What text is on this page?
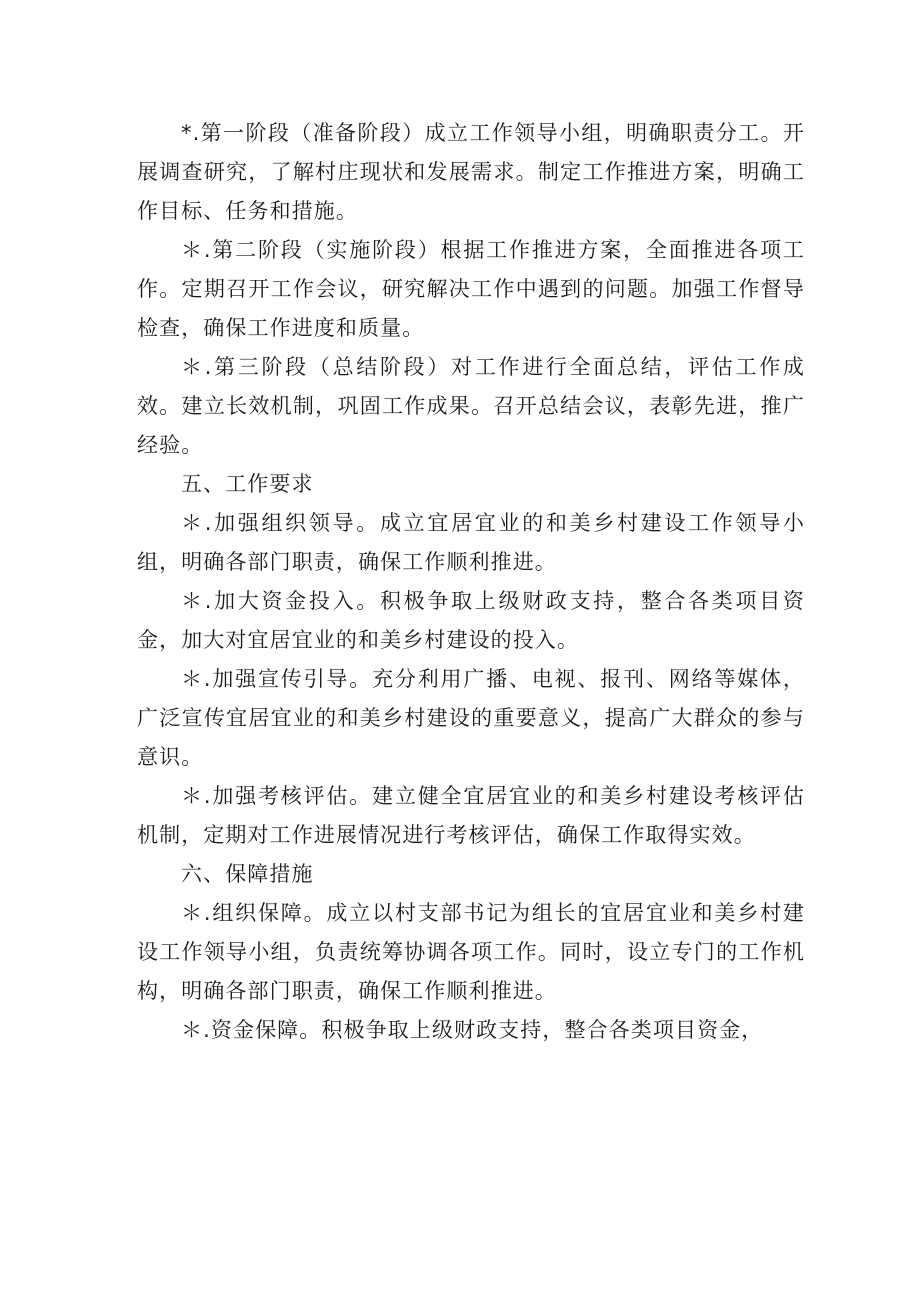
*.第一阶段（准备阶段）成立工作领导小组，明确职责分工。开展调查研究，了解村庄现状和发展需求。制定工作推进方案，明确工作目标、任务和措施。

＊.第二阶段（实施阶段）根据工作推进方案，全面推进各项工作。定期召开工作会议，研究解决工作中遇到的问题。加强工作督导检查，确保工作进度和质量。

＊.第三阶段（总结阶段）对工作进行全面总结，评估工作成效。建立长效机制，巩固工作成果。召开总结会议，表彰先进，推广经验。

五、工作要求

＊.加强组织领导。成立宜居宜业的和美乡村建设工作领导小组，明确各部门职责，确保工作顺利推进。

＊.加大资金投入。积极争取上级财政支持，整合各类项目资金，加大对宜居宜业的和美乡村建设的投入。

＊.加强宣传引导。充分利用广播、电视、报刊、网络等媒体，广泛宣传宜居宜业的和美乡村建设的重要意义，提高广大群众的参与意识。

＊.加强考核评估。建立健全宜居宜业的和美乡村建设考核评估机制，定期对工作进展情况进行考核评估，确保工作取得实效。

六、保障措施

＊.组织保障。成立以村支部书记为组长的宜居宜业和美乡村建设工作领导小组，负责统筹协调各项工作。同时，设立专门的工作机构，明确各部门职责，确保工作顺利推进。

＊.资金保障。积极争取上级财政支持，整合各类项目资金，
